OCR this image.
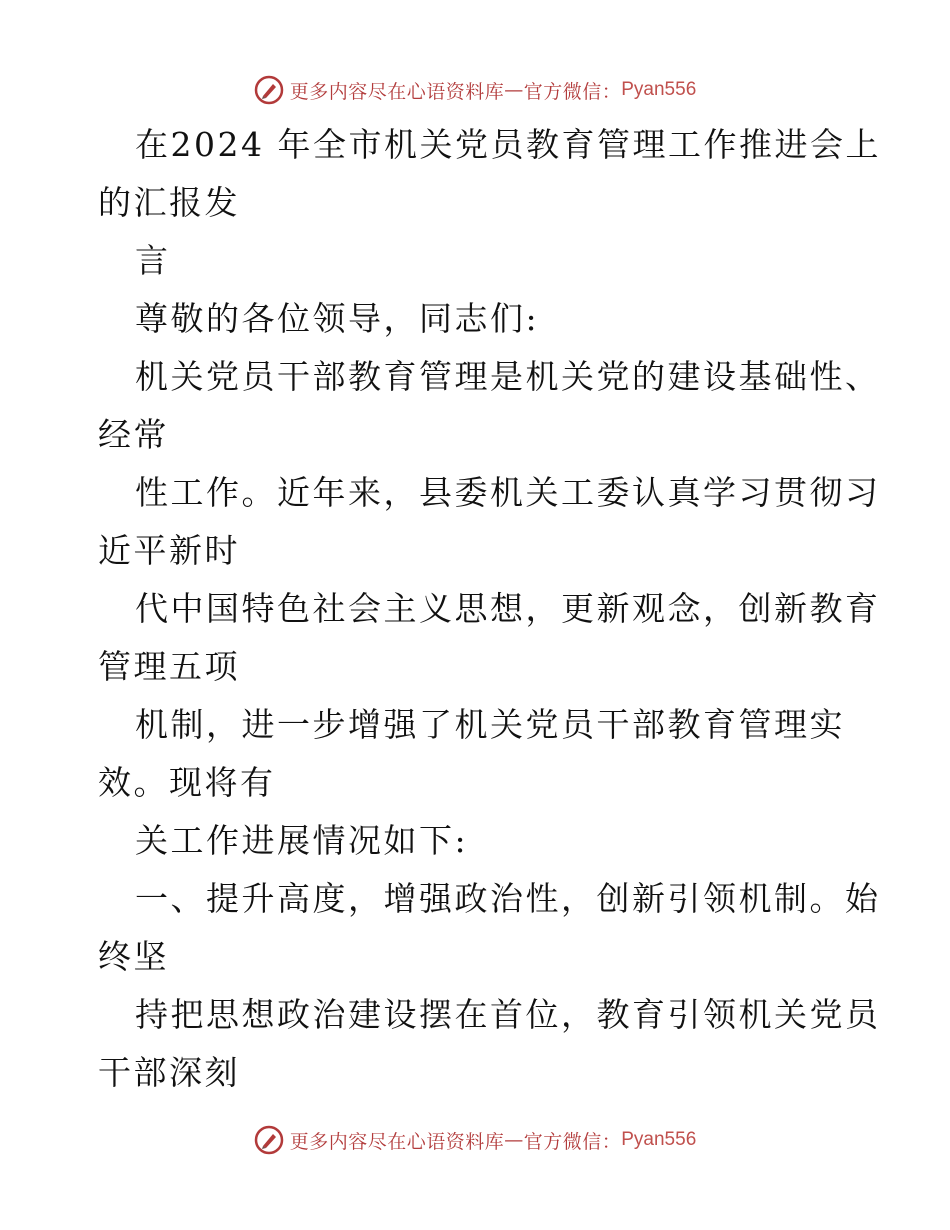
更多内容尽在心语资料库 — 官方微信： Pyan556
在2024 年全市机关党员教育管理工作推进会上
的汇报发
言
尊敬的各位领导，同志们:
机关党员干部教育管理是机关党的建设基础性、
经常
性工作。近年来，县委机关工委认真学习贯彻习
近平新时
代中国特色社会主义思想，更新观念，创新教育
管理五项
机制，进一步增强了机关党员干部教育管理实
效。现将有
关工作进展情况如下:
一、提升高度，增强政治性，创新引领机制。始
终坚
持把思想政治建设摆在首位，教育引领机关党员
干部深刻
更多内容尽在心语资料库 — 官方微信： Pyan556
